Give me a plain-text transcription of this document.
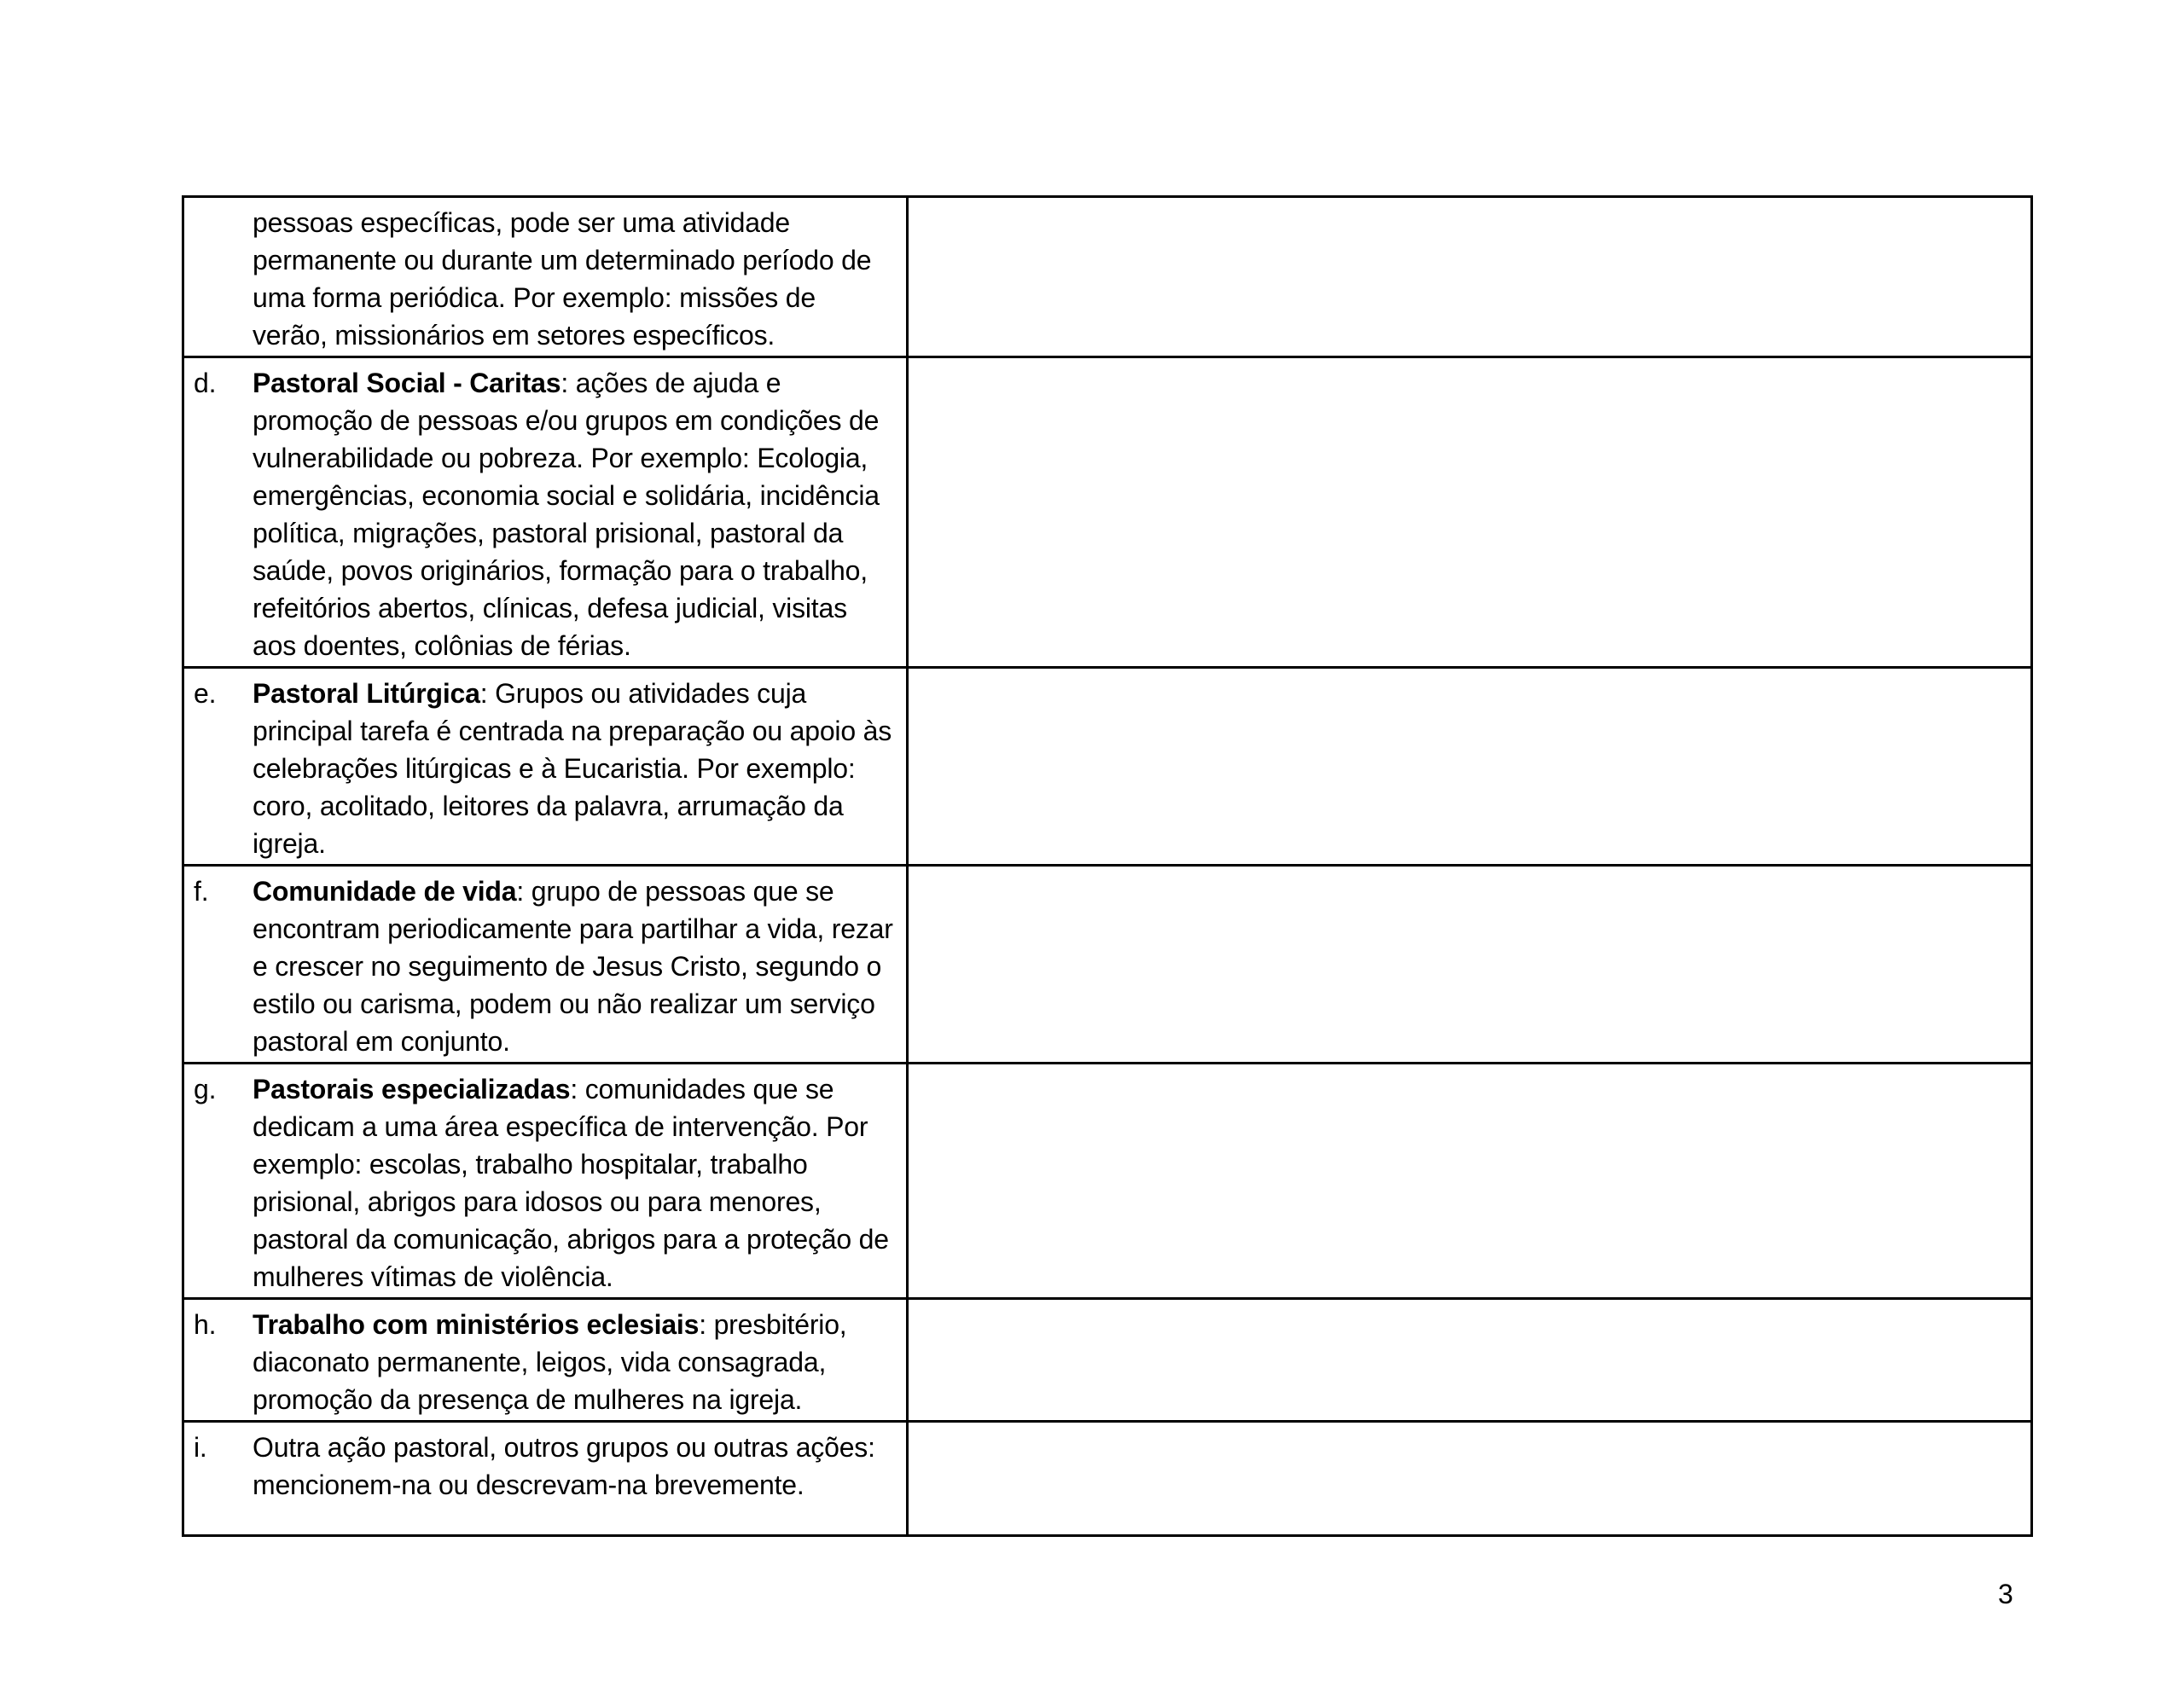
pessoas específicas, pode ser uma atividade permanente ou durante um determinado período de uma forma periódica. Por exemplo: missões de verão, missionários em setores específicos.	

d. Pastoral Social - Caritas: ações de ajuda e promoção de pessoas e/ou grupos em condições de vulnerabilidade ou pobreza. Por exemplo: Ecologia, emergências, economia social e solidária, incidência política, migrações, pastoral prisional, pastoral da saúde, povos originários, formação para o trabalho, refeitórios abertos, clínicas, defesa judicial, visitas aos doentes, colônias de férias.	

e. Pastoral Litúrgica: Grupos ou atividades cuja principal tarefa é centrada na preparação ou apoio às celebrações litúrgicas e à Eucaristia. Por exemplo: coro, acolitado, leitores da palavra, arrumação da igreja.	

f. Comunidade de vida: grupo de pessoas que se encontram periodicamente para partilhar a vida, rezar e crescer no seguimento de Jesus Cristo, segundo o estilo ou carisma, podem ou não realizar um serviço pastoral em conjunto.	

g. Pastorais especializadas: comunidades que se dedicam a uma área específica de intervenção. Por exemplo: escolas, trabalho hospitalar, trabalho prisional, abrigos para idosos ou para menores, pastoral da comunicação, abrigos para a proteção de mulheres vítimas de violência.	

h. Trabalho com ministérios eclesiais: presbitério, diaconato permanente, leigos, vida consagrada, promoção da presença de mulheres na igreja.	

i. Outra ação pastoral, outros grupos ou outras ações: mencionem-na ou descrevam-na brevemente.	

3
